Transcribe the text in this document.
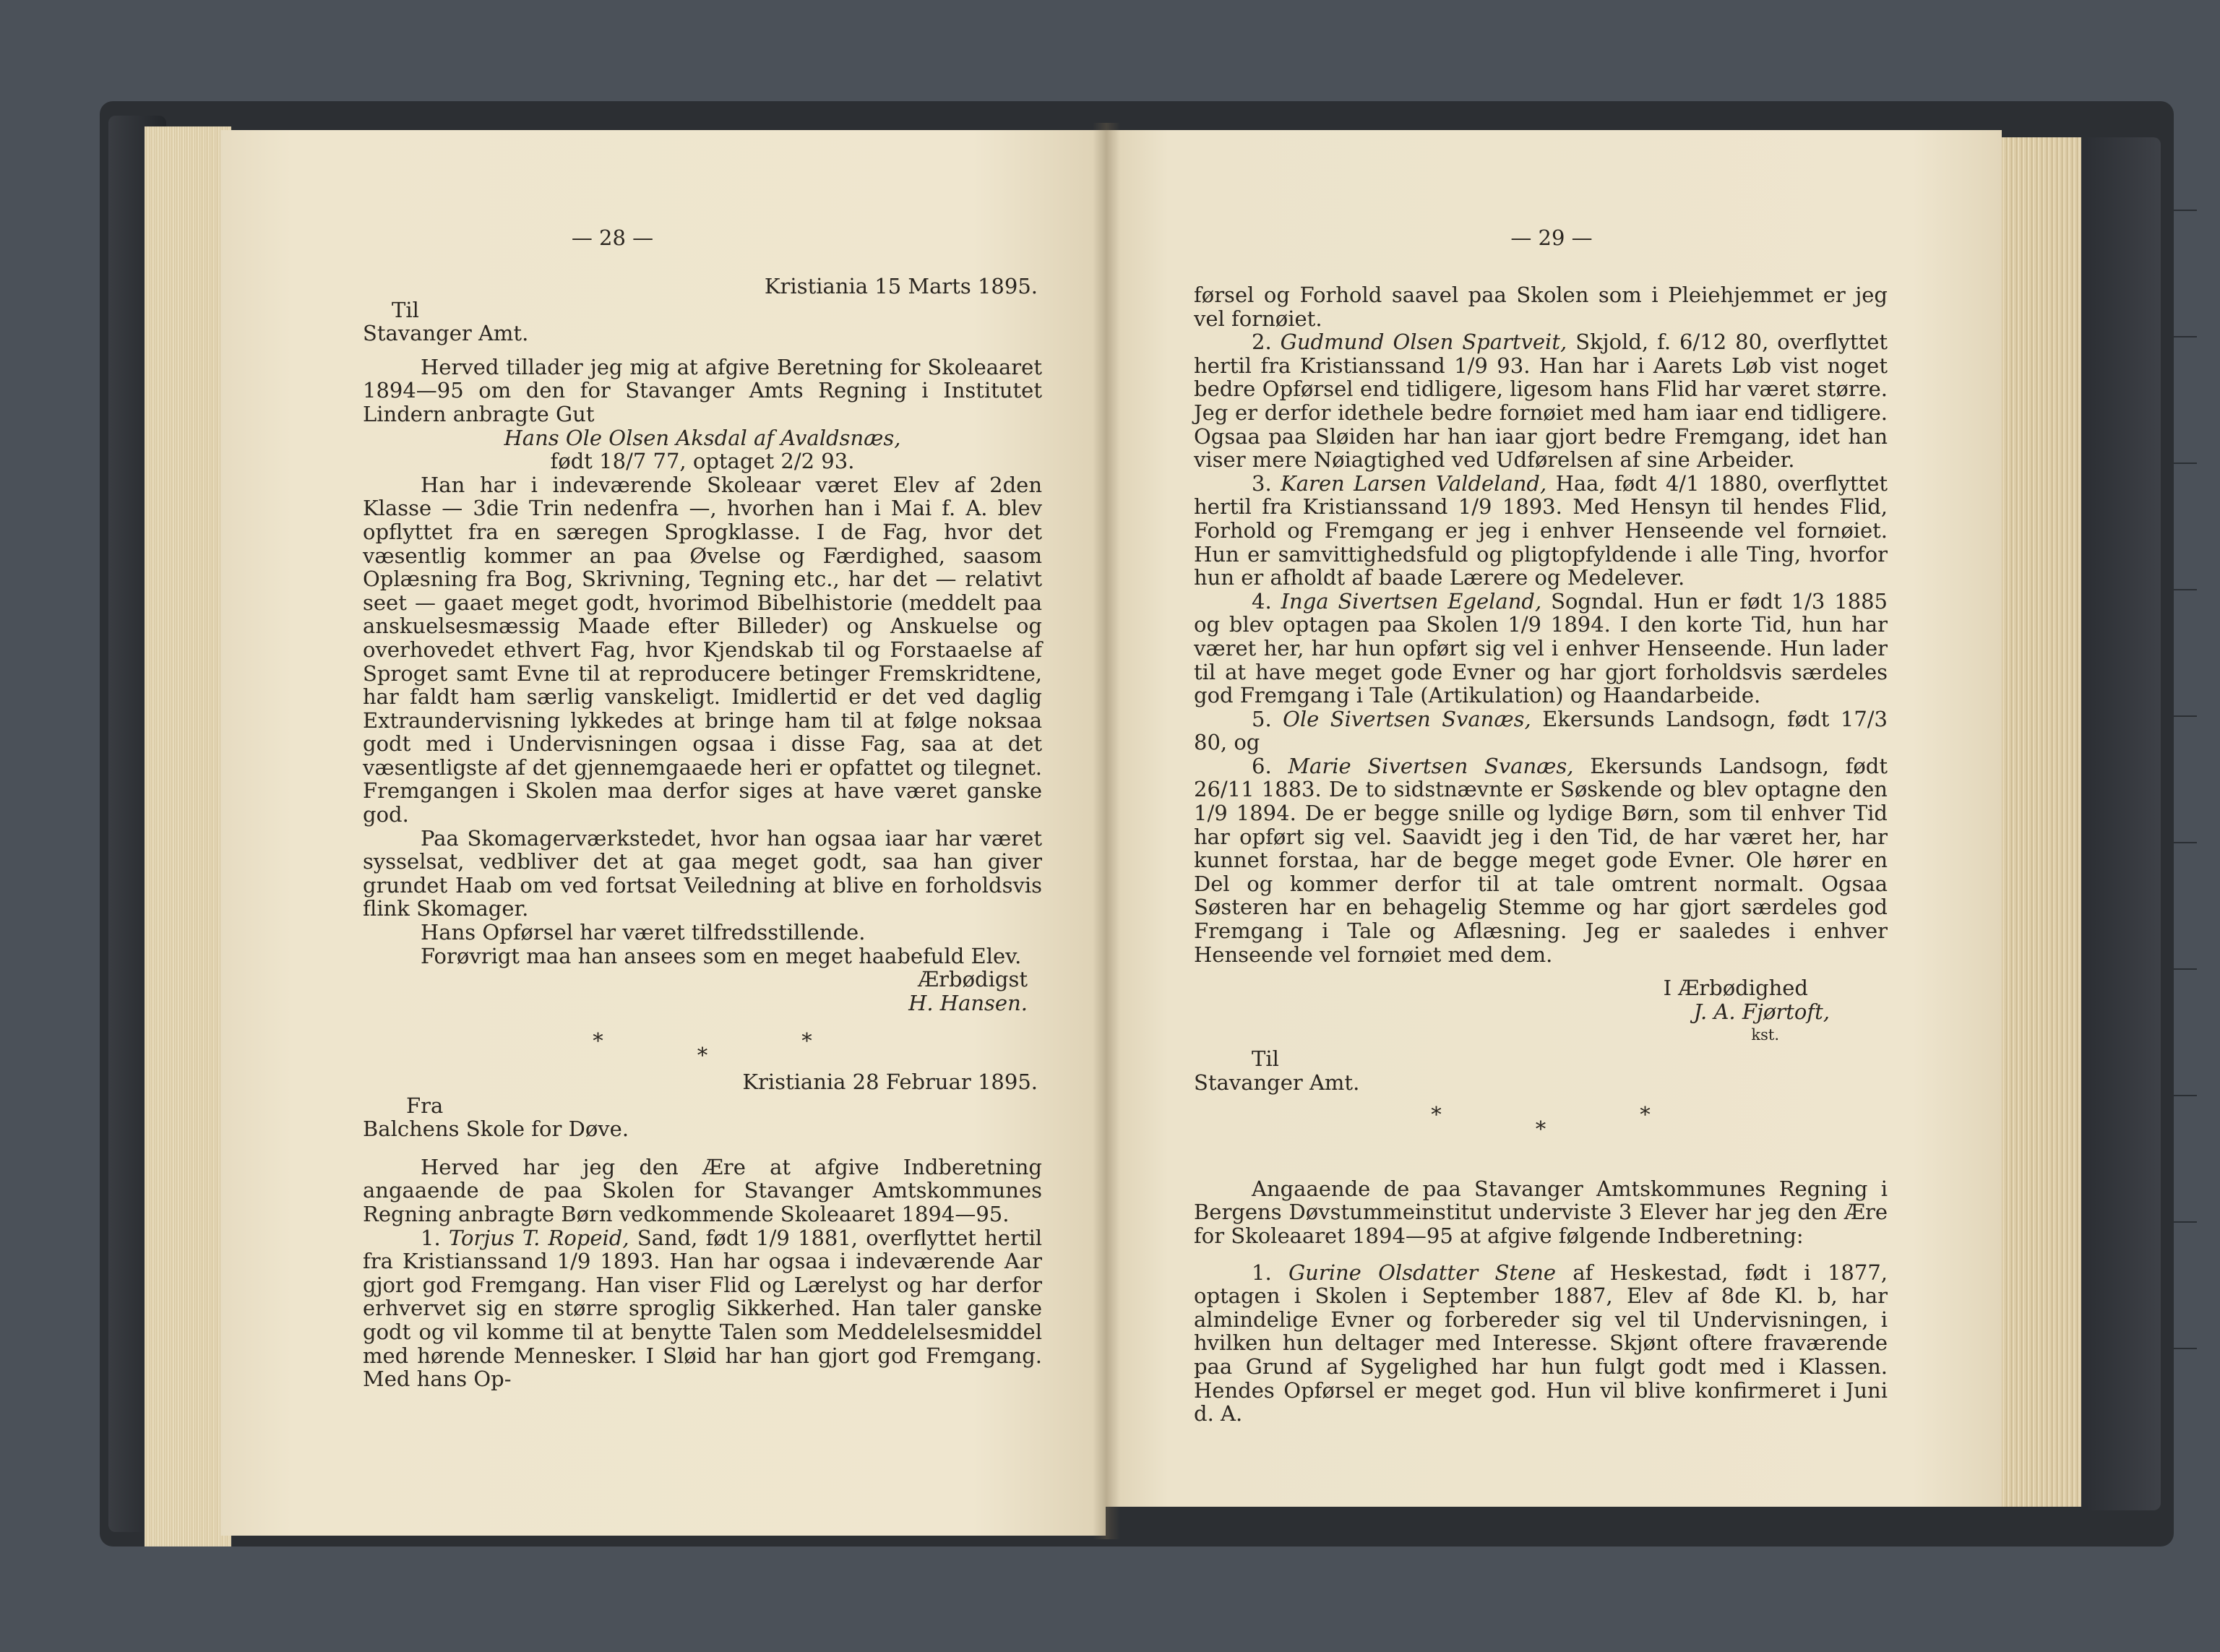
— 28 —

Kristiania 15 Marts 1895.

Til

Stavanger Amt.

Herved tillader jeg mig at afgive Beretning for Skoleaaret 1894—95 om den for Stavanger Amts Regning i Institutet Lindern anbragte Gut

Hans Ole Olsen Aksdal af Avaldsnæs,

født 18/7 77, optaget 2/2 93.

Han har i indeværende Skoleaar været Elev af 2den Klasse — 3die Trin nedenfra —, hvorhen han i Mai f. A. blev opflyttet fra en særegen Sprogklasse. I de Fag, hvor det væsentlig kommer an paa Øvelse og Færdighed, saasom Oplæsning fra Bog, Skrivning, Tegning etc., har det — relativt seet — gaaet meget godt, hvorimod Bibelhistorie (meddelt paa anskuelsesmæssig Maade efter Billeder) og Anskuelse og overhovedet ethvert Fag, hvor Kjendskab til og Forstaaelse af Sproget samt Evne til at reproducere betinger Fremskridtene, har faldt ham særlig vanskeligt. Imidlertid er det ved daglig Extraundervisning lykkedes at bringe ham til at følge noksaa godt med i Undervisningen ogsaa i disse Fag, saa at det væsentligste af det gjennemgaaede heri er opfattet og tilegnet. Fremgangen i Skolen maa derfor siges at have været ganske god.

Paa Skomagerværkstedet, hvor han ogsaa iaar har været sysselsat, vedbliver det at gaa meget godt, saa han giver grundet Haab om ved fortsat Veiledning at blive en forholdsvis flink Skomager.

Hans Opførsel har været tilfredsstillende.

Forøvrigt maa han ansees som en meget haabefuld Elev.

Ærbødigst

H. Hansen.

*
*
*

Kristiania 28 Februar 1895.

Fra

Balchens Skole for Døve.

Herved har jeg den Ære at afgive Indberetning angaaende de paa Skolen for Stavanger Amtskommunes Regning anbragte Børn vedkommende Skoleaaret 1894—95.

1. Torjus T. Ropeid, Sand, født 1/9 1881, overflyttet hertil fra Kristianssand 1/9 1893. Han har ogsaa i indeværende Aar gjort god Fremgang. Han viser Flid og Lærelyst og har derfor erhvervet sig en større sproglig Sikkerhed. Han taler ganske godt og vil komme til at benytte Talen som Meddelelsesmiddel med hørende Mennesker. I Sløid har han gjort god Fremgang. Med hans Op-

— 29 —

førsel og Forhold saavel paa Skolen som i Pleiehjemmet er jeg vel fornøiet.

2. Gudmund Olsen Spartveit, Skjold, f. 6/12 80, overflyttet hertil fra Kristianssand 1/9 93. Han har i Aarets Løb vist noget bedre Opførsel end tidligere, ligesom hans Flid har været større. Jeg er derfor idethele bedre fornøiet med ham iaar end tidligere. Ogsaa paa Sløiden har han iaar gjort bedre Fremgang, idet han viser mere Nøiagtighed ved Udførelsen af sine Arbeider.

3. Karen Larsen Valdeland, Haa, født 4/1 1880, overflyttet hertil fra Kristianssand 1/9 1893. Med Hensyn til hendes Flid, Forhold og Fremgang er jeg i enhver Henseende vel fornøiet. Hun er samvittighedsfuld og pligtopfyldende i alle Ting, hvorfor hun er afholdt af baade Lærere og Medelever.

4. Inga Sivertsen Egeland, Sogndal. Hun er født 1/3 1885 og blev optagen paa Skolen 1/9 1894. I den korte Tid, hun har været her, har hun opført sig vel i enhver Henseende. Hun lader til at have meget gode Evner og har gjort forholdsvis særdeles god Fremgang i Tale (Artikulation) og Haandarbeide.

5. Ole Sivertsen Svanæs, Ekersunds Landsogn, født 17/3 80, og

6. Marie Sivertsen Svanæs, Ekersunds Landsogn, født 26/11 1883. De to sidstnævnte er Søskende og blev optagne den 1/9 1894. De er begge snille og lydige Børn, som til enhver Tid har opført sig vel. Saavidt jeg i den Tid, de har været her, har kunnet forstaa, har de begge meget gode Evner. Ole hører en Del og kommer derfor til at tale omtrent normalt. Ogsaa Søsteren har en behagelig Stemme og har gjort særdeles god Fremgang i Tale og Aflæsning. Jeg er saaledes i enhver Henseende vel fornøiet med dem.

I Ærbødighed

J. A. Fjørtoft,

kst.

Til

Stavanger Amt.

*
*
*

Angaaende de paa Stavanger Amtskommunes Regning i Bergens Døvstummeinstitut underviste 3 Elever har jeg den Ære for Skoleaaret 1894—95 at afgive følgende Indberetning:

1. Gurine Olsdatter Stene af Heskestad, født i 1877, optagen i Skolen i September 1887, Elev af 8de Kl. b, har almindelige Evner og forbereder sig vel til Undervisningen, i hvilken hun deltager med Interesse. Skjønt oftere fraværende paa Grund af Sygelighed har hun fulgt godt med i Klassen. Hendes Opførsel er meget god. Hun vil blive konfirmeret i Juni d. A.
